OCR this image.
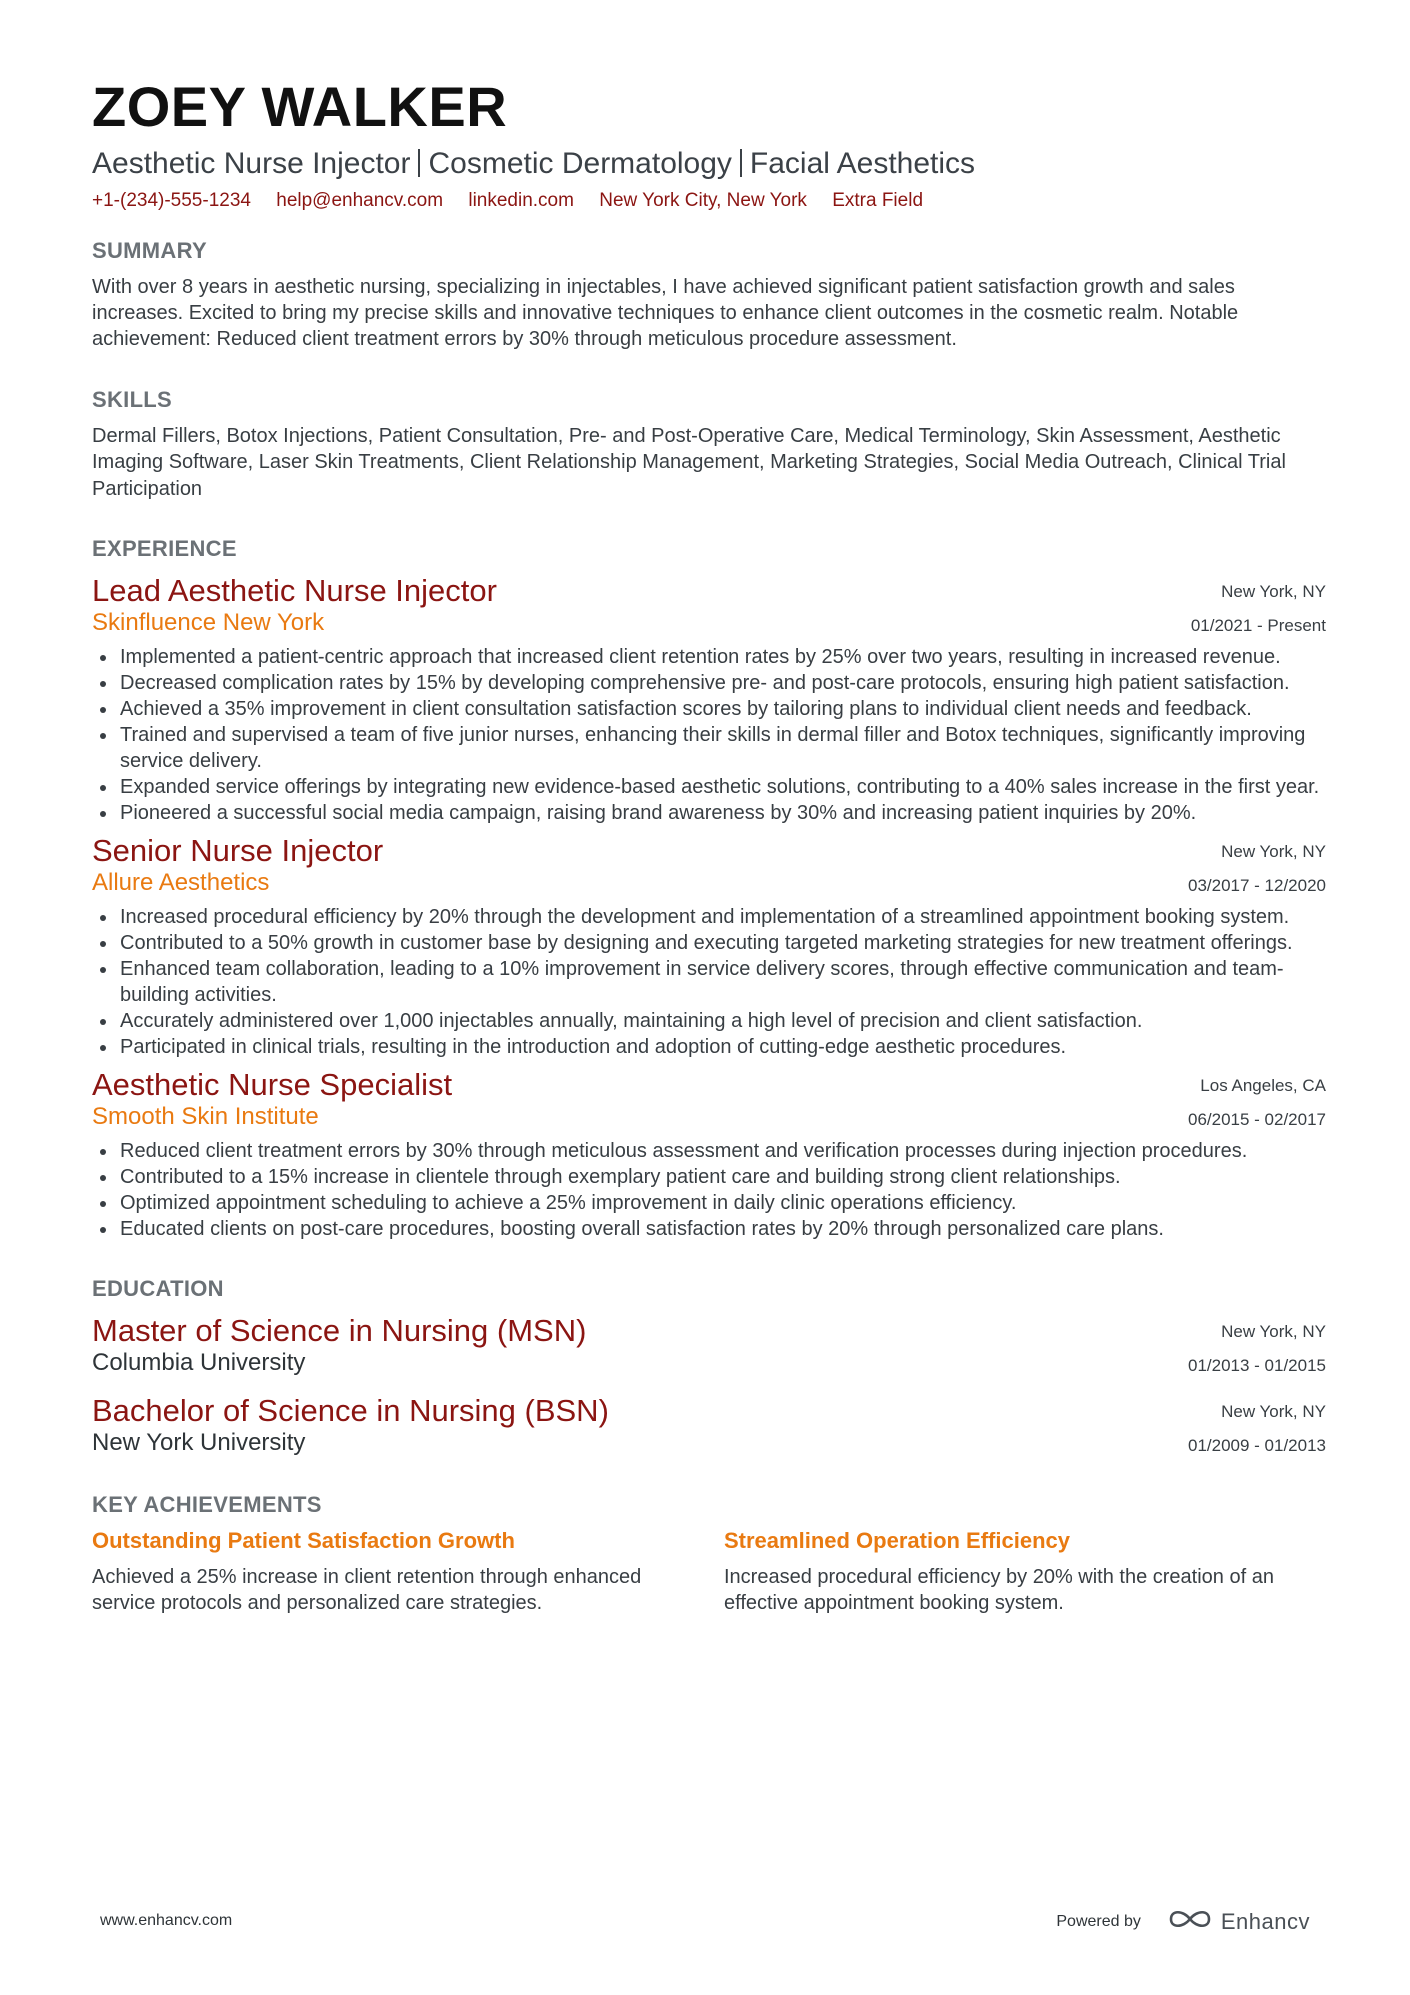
ZOEY WALKER
Aesthetic Nurse Injector Cosmetic Dermatology Facial Aesthetics
+1-(234)-555-1234 help@enhancv.com linkedin.com New York City, New York Extra Field
SUMMARY
With over 8 years in aesthetic nursing, specializing in injectables, I have achieved significant patient satisfaction growth and sales increases. Excited to bring my precise skills and innovative techniques to enhance client outcomes in the cosmetic realm. Notable achievement: Reduced client treatment errors by 30% through meticulous procedure assessment.
SKILLS
Dermal Fillers, Botox Injections, Patient Consultation, Pre- and Post-Operative Care, Medical Terminology, Skin Assessment, Aesthetic Imaging Software, Laser Skin Treatments, Client Relationship Management, Marketing Strategies, Social Media Outreach, Clinical Trial Participation
EXPERIENCE
Lead Aesthetic Nurse Injector
Skinfluence New York
New York, NY
01/2021 - Present
Implemented a patient-centric approach that increased client retention rates by 25% over two years, resulting in increased revenue.
Decreased complication rates by 15% by developing comprehensive pre- and post-care protocols, ensuring high patient satisfaction.
Achieved a 35% improvement in client consultation satisfaction scores by tailoring plans to individual client needs and feedback.
Trained and supervised a team of five junior nurses, enhancing their skills in dermal filler and Botox techniques, significantly improving service delivery.
Expanded service offerings by integrating new evidence-based aesthetic solutions, contributing to a 40% sales increase in the first year.
Pioneered a successful social media campaign, raising brand awareness by 30% and increasing patient inquiries by 20%.
Senior Nurse Injector
Allure Aesthetics
New York, NY
03/2017 - 12/2020
Increased procedural efficiency by 20% through the development and implementation of a streamlined appointment booking system.
Contributed to a 50% growth in customer base by designing and executing targeted marketing strategies for new treatment offerings.
Enhanced team collaboration, leading to a 10% improvement in service delivery scores, through effective communication and team-building activities.
Accurately administered over 1,000 injectables annually, maintaining a high level of precision and client satisfaction.
Participated in clinical trials, resulting in the introduction and adoption of cutting-edge aesthetic procedures.
Aesthetic Nurse Specialist
Smooth Skin Institute
Los Angeles, CA
06/2015 - 02/2017
Reduced client treatment errors by 30% through meticulous assessment and verification processes during injection procedures.
Contributed to a 15% increase in clientele through exemplary patient care and building strong client relationships.
Optimized appointment scheduling to achieve a 25% improvement in daily clinic operations efficiency.
Educated clients on post-care procedures, boosting overall satisfaction rates by 20% through personalized care plans.
EDUCATION
Master of Science in Nursing (MSN)
Columbia University
New York, NY
01/2013 - 01/2015
Bachelor of Science in Nursing (BSN)
New York University
New York, NY
01/2009 - 01/2013
KEY ACHIEVEMENTS
Outstanding Patient Satisfaction Growth
Achieved a 25% increase in client retention through enhanced service protocols and personalized care strategies.
Streamlined Operation Efficiency
Increased procedural efficiency by 20% with the creation of an effective appointment booking system.
www.enhancv.com	Powered by	Enhancv
